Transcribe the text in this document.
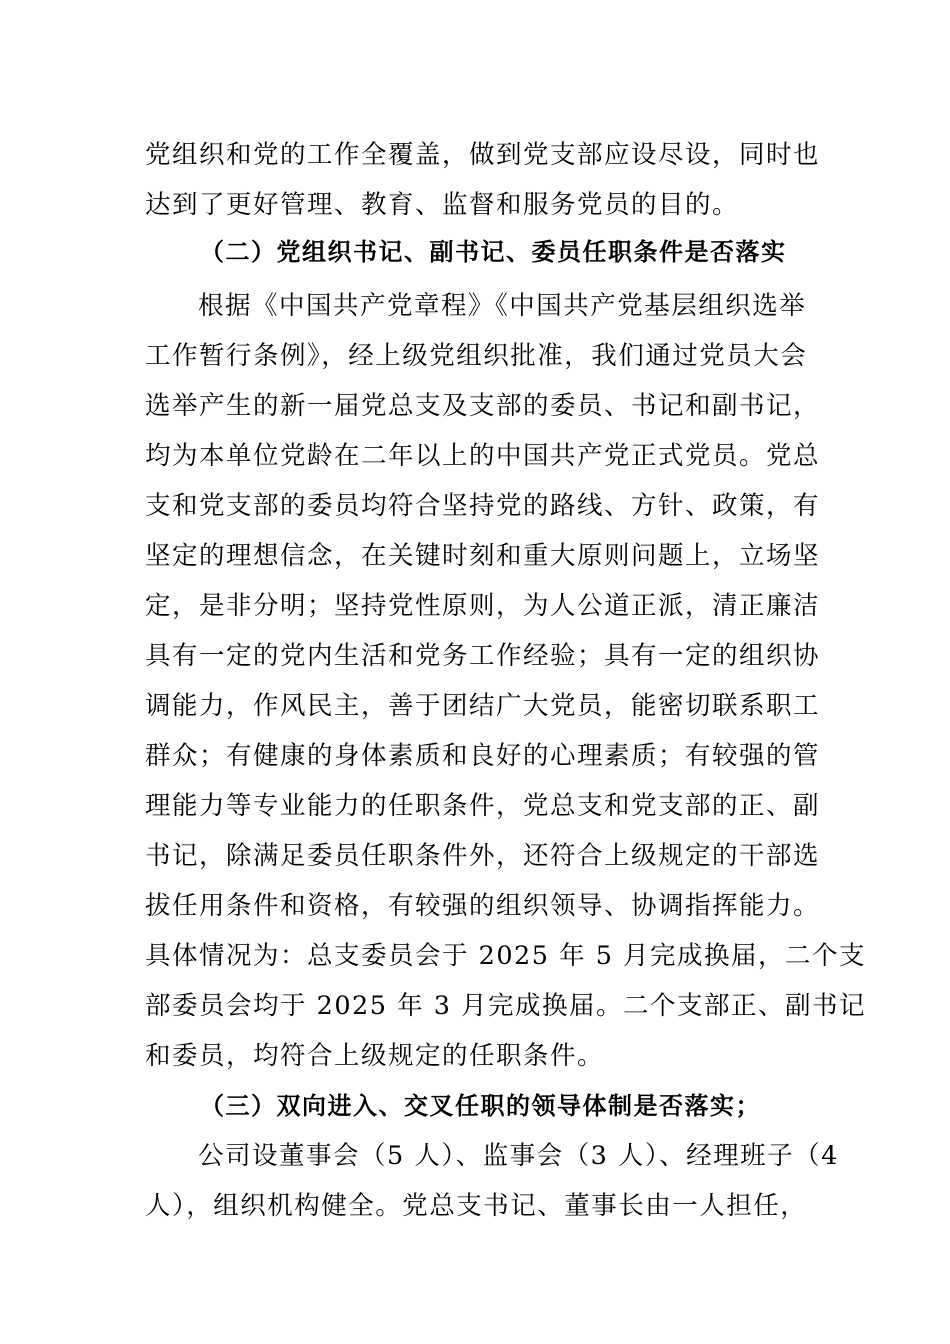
党组织和党的工作全覆盖，做到党支部应设尽设，同时也
达到了更好管理、教育、监督和服务党员的目的。
（二）党组织书记、副书记、委员任职条件是否落实
根据《中国共产党章程》《中国共产党基层组织选举
工作暂行条例》，经上级党组织批准，我们通过党员大会
选举产生的新一届党总支及支部的委员、书记和副书记，
均为本单位党龄在二年以上的中国共产党正式党员。党总
支和党支部的委员均符合坚持党的路线、方针、政策，有
坚定的理想信念，在关键时刻和重大原则问题上，立场坚
定，是非分明；坚持党性原则，为人公道正派，清正廉洁
具有一定的党内生活和党务工作经验；具有一定的组织协
调能力，作风民主，善于团结广大党员，能密切联系职工
群众；有健康的身体素质和良好的心理素质；有较强的管
理能力等专业能力的任职条件，党总支和党支部的正、副
书记，除满足委员任职条件外，还符合上级规定的干部选
拔任用条件和资格，有较强的组织领导、协调指挥能力。
具体情况为：总支委员会于 2025 年 5 月完成换届，二个支
部委员会均于 2025 年 3 月完成换届。二个支部正、副书记
和委员，均符合上级规定的任职条件。
（三）双向进入、交叉任职的领导体制是否落实；
公司设董事会（5 人）、监事会（3 人）、经理班子（4
人），组织机构健全。党总支书记、董事长由一人担任，
